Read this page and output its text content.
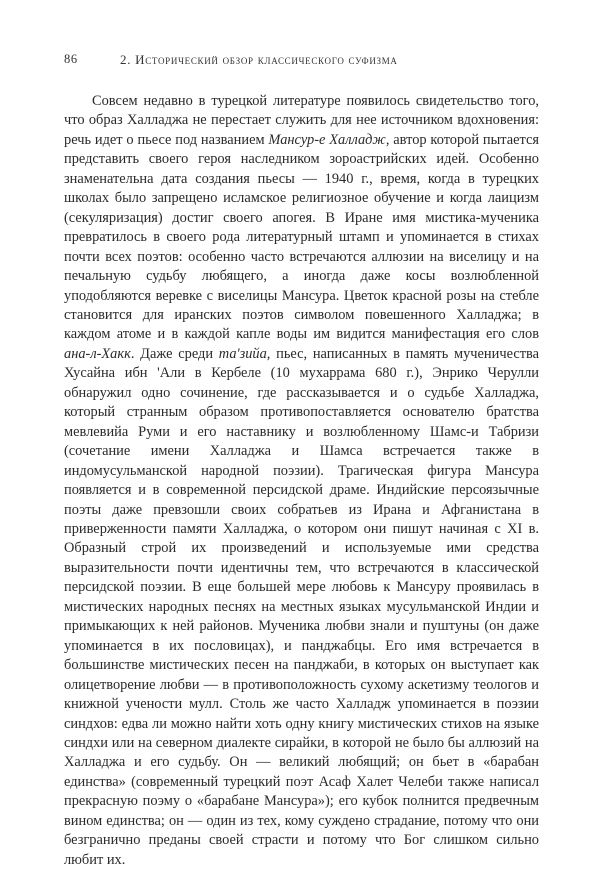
86	2. Исторический обзор классического суфизма

Совсем недавно в турецкой литературе появилось свидетельство того, что образ Халладжа не перестает служить для нее источником вдохновения: речь идет о пьесе под названием Мансур-е Халладж, автор которой пытается представить своего героя наследником зороастрийских идей. Особенно знаменательна дата создания пьесы — 1940 г., время, когда в турецких школах было запрещено исламское религиозное обучение и когда лаицизм (секуляризация) достиг своего апогея. В Иране имя мистика-мученика превратилось в своего рода литературный штамп и упоминается в стихах почти всех поэтов: особенно часто встречаются аллюзии на виселицу и на печальную судьбу любящего, а иногда даже косы возлюбленной уподобляются веревке с виселицы Мансура. Цветок красной розы на стебле становится для иранских поэтов символом повешенного Халладжа; в каждом атоме и в каждой капле воды им видится манифестация его слов ана-л-Хакк. Даже среди та'зийа, пьес, написанных в память мученичества Хусайна ибн 'Али в Кербеле (10 мухаррама 680 г.), Энрико Черулли обнаружил одно сочинение, где рассказывается и о судьбе Халладжа, который странным образом противопоставляется основателю братства мевлевийа Руми и его наставнику и возлюбленному Шамс-и Табризи (сочетание имени Халладжа и Шамса встречается также в индомусульманской народной поэзии). Трагическая фигура Мансура появляется и в современной персидской драме. Индийские персоязычные поэты даже превзошли своих собратьев из Ирана и Афганистана в приверженности памяти Халладжа, о котором они пишут начиная с XI в. Образный строй их произведений и используемые ими средства выразительности почти идентичны тем, что встречаются в классической персидской поэзии. В еще большей мере любовь к Мансуру проявилась в мистических народных песнях на местных языках мусульманской Индии и примыкающих к ней районов. Мученика любви знали и пуштуны (он даже упоминается в их пословицах), и панджабцы. Его имя встречается в большинстве мистических песен на панджаби, в которых он выступает как олицетворение любви — в противоположность сухому аскетизму теологов и книжной учености мулл. Столь же часто Халладж упоминается в поэзии синдхов: едва ли можно найти хоть одну книгу мистических стихов на языке синдхи или на северном диалекте сирайки, в которой не было бы аллюзий на Халладжа и его судьбу. Он — великий любящий; он бьет в «барабан единства» (современный турецкий поэт Асаф Халет Челеби также написал прекрасную поэму о «барабане Мансура»); его кубок полнится предвечным вином единства; он — один из тех, кому суждено страдание, потому что они безгранично преданы своей страсти и потому что Бог слишком сильно любит их.
